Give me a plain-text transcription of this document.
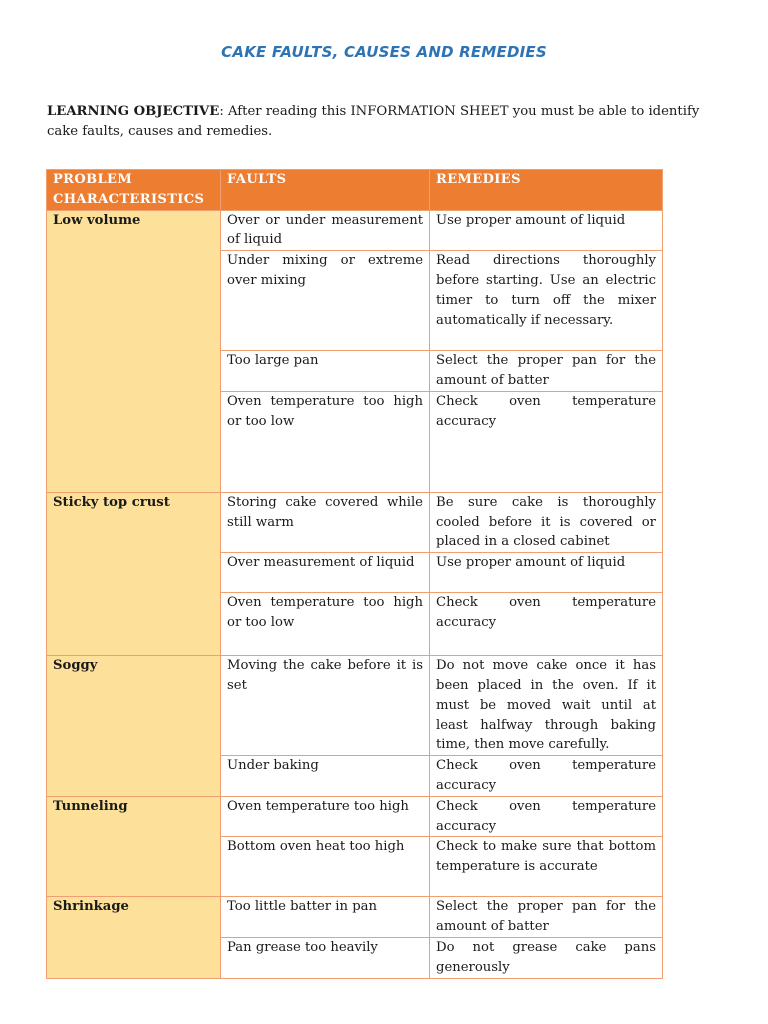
CAKE FAULTS, CAUSES AND REMEDIES
LEARNING OBJECTIVE: After reading this INFORMATION SHEET you must be able to identify cake faults, causes and remedies.
PROBLEM CHARACTERISTICS	FAULTS	REMEDIES
Low volume	Over or under measurement of liquid	Use proper amount of liquid
	Under mixing or extreme over mixing	Read directions thoroughly before starting. Use an electric timer to turn off the mixer automatically if necessary.
	Too large pan	Select the proper pan for the amount of batter
	Oven temperature too high or too low	Check oven temperature accuracy
Sticky top crust	Storing cake covered while still warm	Be sure cake is thoroughly cooled before it is covered or placed in a closed cabinet
	Over measurement of liquid	Use proper amount of liquid
	Oven temperature too high or too low	Check oven temperature accuracy
Soggy	Moving the cake before it is set	Do not move cake once it has been placed in the oven. If it must be moved wait until at least halfway through baking time, then move carefully.
	Under baking	Check oven temperature accuracy
Tunneling	Oven temperature too high	Check oven temperature accuracy
	Bottom oven heat too high	Check to make sure that bottom temperature is accurate
Shrinkage	Too little batter in pan	Select the proper pan for the amount of batter
	Pan grease too heavily	Do not grease cake pans generously
